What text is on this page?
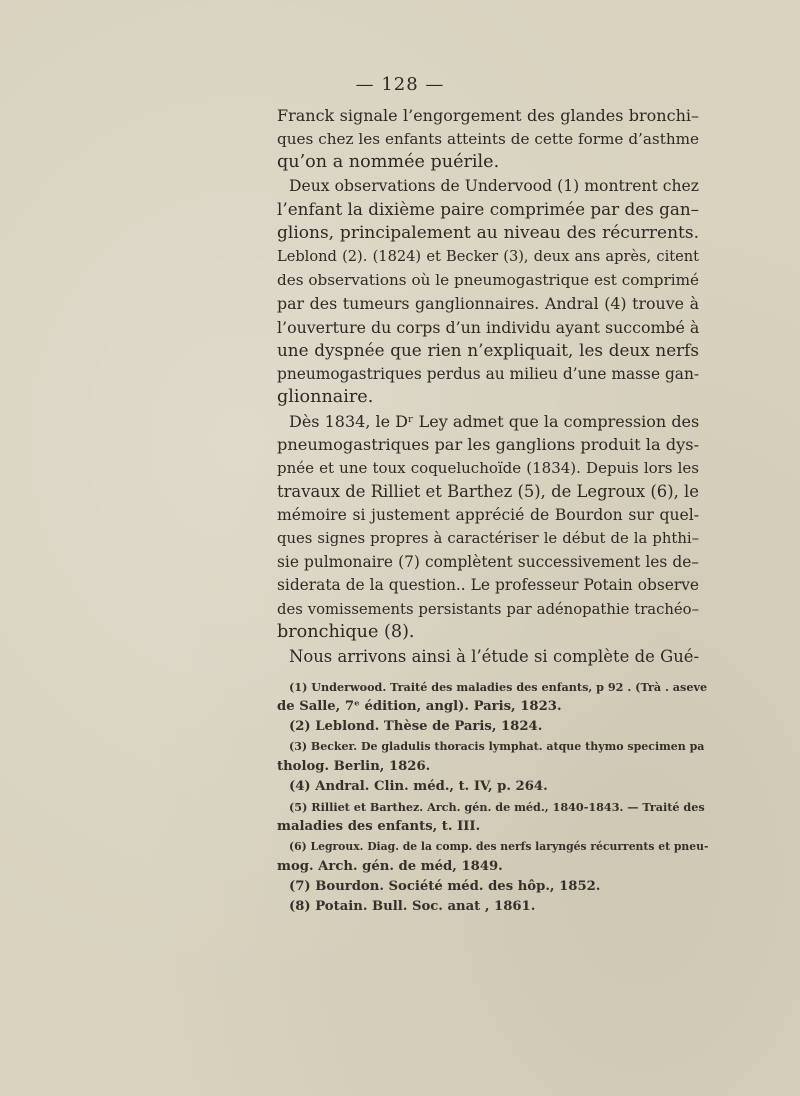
— 128 —
Franck signale l’engorgement des glandes bronchi–
ques chez les enfants atteints de cette forme d’asthme
qu’on a nommée puérile.
Deux observations de Undervood (1) montrent chez
l’enfant la dixième paire comprimée par des gan–
glions, principalement au niveau des récurrents.
Leblond (2). (1824) et Becker (3), deux ans après, citent
des observations où le pneumogastrique est comprimé
par des tumeurs ganglionnaires. Andral (4) trouve à
l’ouverture du corps d’un individu ayant succombé à
une dyspnée que rien n’expliquait, les deux nerfs
pneumogastriques perdus au milieu d’une masse gan-
glionnaire.
Dès 1834, le Dʳ Ley admet que la compression des
pneumogastriques par les ganglions produit la dys-
pnée et une toux coqueluchoïde (1834). Depuis lors les
travaux de Rilliet et Barthez (5), de Legroux (6), le
mémoire si justement apprécié de Bourdon sur quel-
ques signes propres à caractériser le début de la phthi–
sie pulmonaire (7) complètent successivement les de–
siderata de la question.. Le professeur Potain observe
des vomissements persistants par adénopathie trachéo–
bronchique (8).
Nous arrivons ainsi à l’étude si complète de Gué-
(1) Underwood. Traité des maladies des enfants, p 92 . (Trà . aseve
de Salle, 7ᵉ édition, angl). Paris, 1823.
(2) Leblond. Thèse de Paris, 1824.
(3) Becker. De gladulis thoracis lymphat. atque thymo specimen pa
tholog. Berlin, 1826.
(4) Andral. Clin. méd., t. IV, p. 264.
(5) Rilliet et Barthez. Arch. gén. de méd., 1840-1843. — Traité des
maladies des enfants, t. III.
(6) Legroux. Diag. de la comp. des nerfs laryngés récurrents et pneu-
mog. Arch. gén. de méd, 1849.
(7) Bourdon. Société méd. des hôp., 1852.
(8) Potain. Bull. Soc. anat , 1861.
